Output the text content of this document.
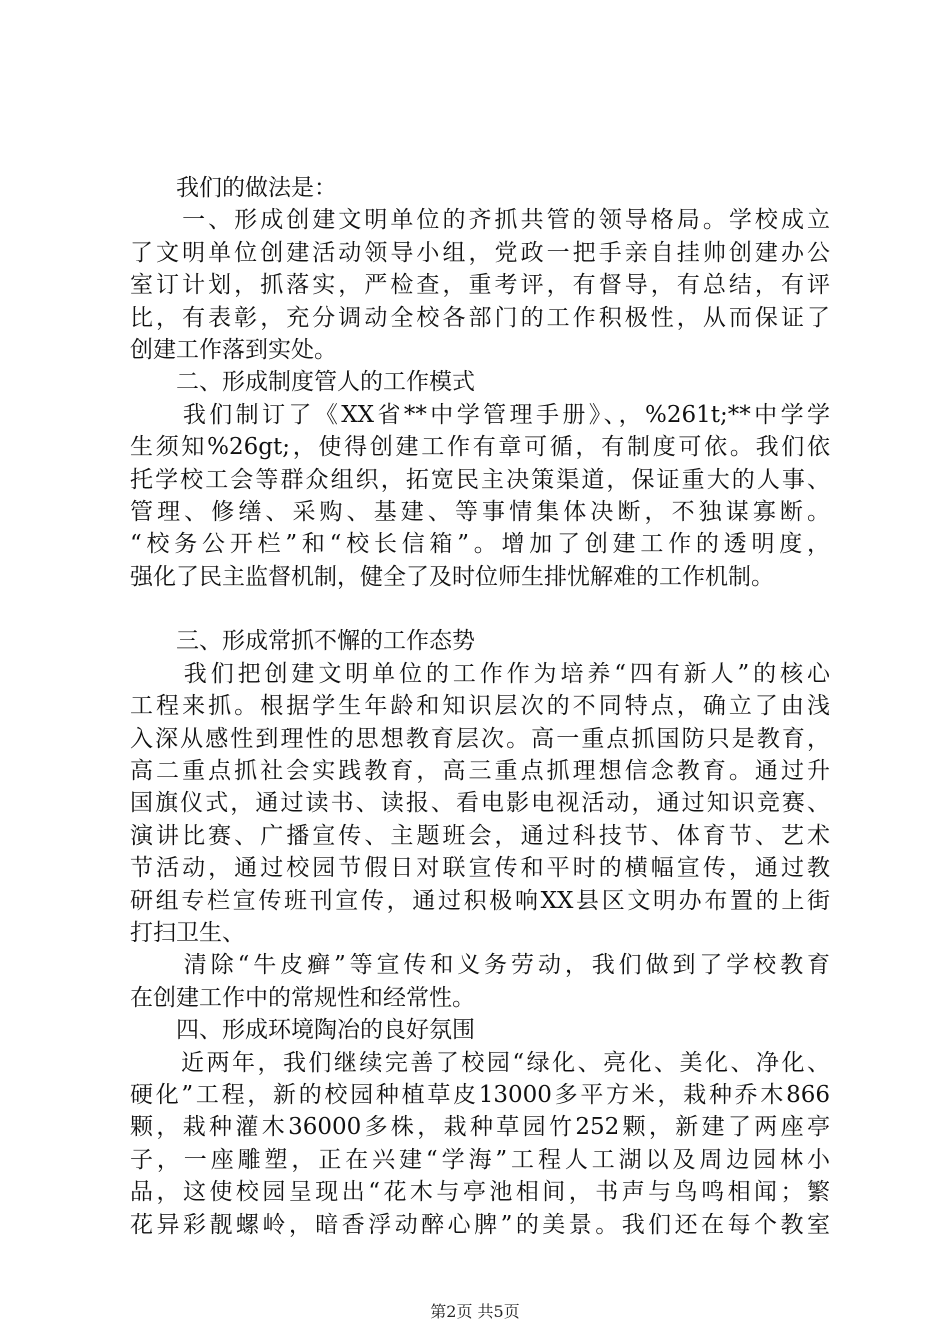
　　我们的做法是：
　　一、形成创建文明单位的齐抓共管的领导格局。学校成立
了文明单位创建活动领导小组，党政一把手亲自挂帅创建办公
室订计划，抓落实，严检查，重考评，有督导，有总结，有评
比，有表彰，充分调动全校各部门的工作积极性，从而保证了
创建工作落到实处。
　　二、形成制度管人的工作模式
　　我们制订了《XX省**中学管理手册》、，%261t;**中学学
生须知%26gt;，使得创建工作有章可循，有制度可依。我们依
托学校工会等群众组织，拓宽民主决策渠道，保证重大的人事、
管理、修缮、采购、基建、等事情集体决断，不独谋寡断。
“校务公开栏”和“校长信箱”。增加了创建工作的透明度，
强化了民主监督机制，健全了及时位师生排忧解难的工作机制。
　　三、形成常抓不懈的工作态势
　　我们把创建文明单位的工作作为培养“四有新人”的核心
工程来抓。根据学生年龄和知识层次的不同特点，确立了由浅
入深从感性到理性的思想教育层次。高一重点抓国防只是教育，
高二重点抓社会实践教育，高三重点抓理想信念教育。通过升
国旗仪式，通过读书、读报、看电影电视活动，通过知识竞赛、
演讲比赛、广播宣传、主题班会，通过科技节、体育节、艺术
节活动，通过校园节假日对联宣传和平时的横幅宣传，通过教
研组专栏宣传班刊宣传，通过积极响XX县区文明办布置的上街
打扫卫生、
　　清除“牛皮癣”等宣传和义务劳动，我们做到了学校教育
在创建工作中的常规性和经常性。
　　四、形成环境陶冶的良好氛围
　　近两年，我们继续完善了校园“绿化、亮化、美化、净化、
硬化”工程，新的校园种植草皮13000多平方米，栽种乔木866
颗，栽种灌木36000多株，栽种草园竹252颗，新建了两座亭
子，一座雕塑，正在兴建“学海”工程人工湖以及周边园林小
品，这使校园呈现出“花木与亭池相间，书声与鸟鸣相闻；繁
花异彩靓螺岭，暗香浮动醉心脾”的美景。我们还在每个教室
第2页 共5页
